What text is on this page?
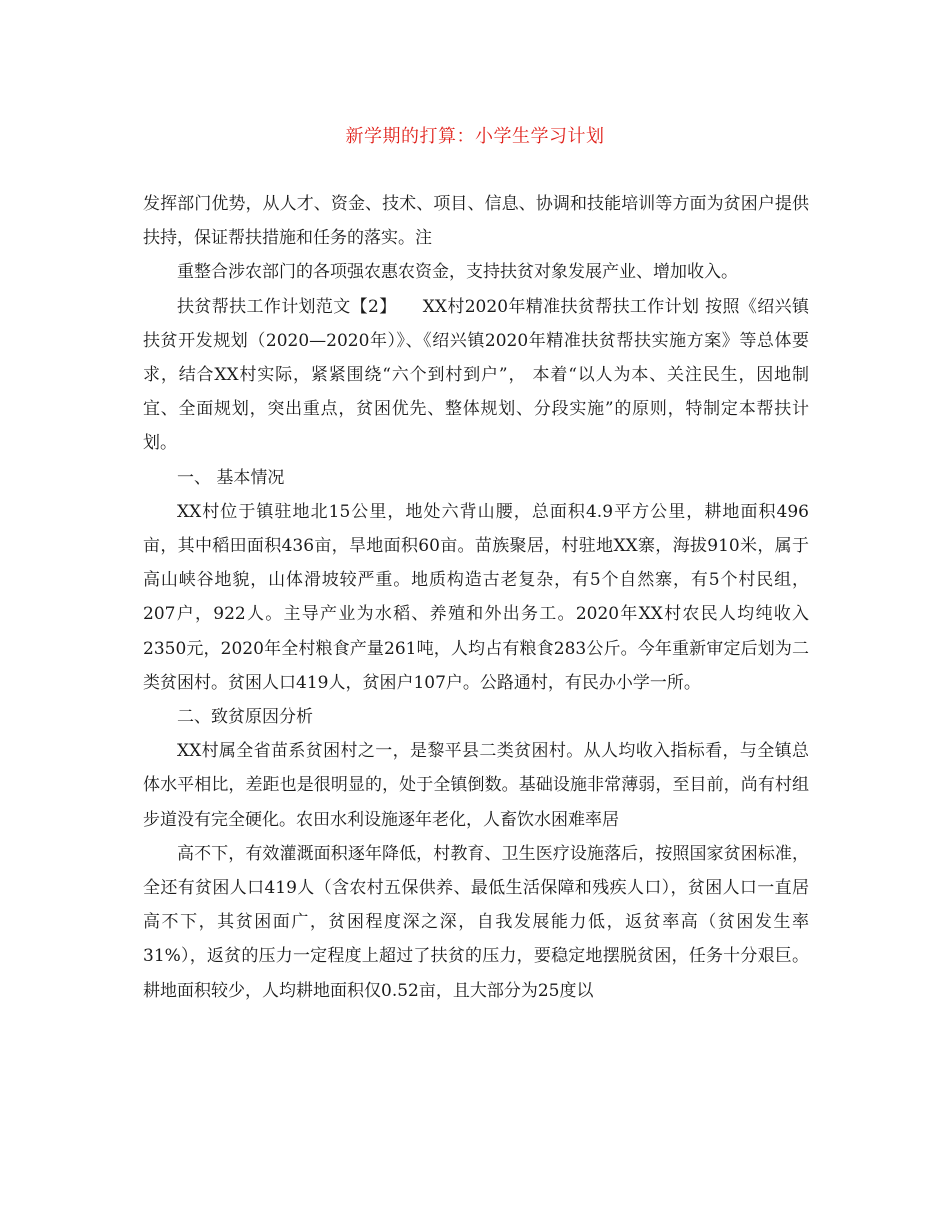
新学期的打算：小学生学习计划

发挥部门优势，从人才、资金、技术、项目、信息、协调和技能培训等方面为贫困户提供扶持，保证帮扶措施和任务的落实。注

重整合涉农部门的各项强农惠农资金，支持扶贫对象发展产业、增加收入。

扶贫帮扶工作计划范文【2】　　XX村2020年精准扶贫帮扶工作计划 按照《绍兴镇扶贫开发规划（2020—2020年）》、《绍兴镇2020年精准扶贫帮扶实施方案》等总体要求，结合XX村实际，紧紧围绕“六个到村到户”， 本着“以人为本、关注民生，因地制宜、全面规划，突出重点，贫困优先、整体规划、分段实施”的原则，特制定本帮扶计划。

一、 基本情况

XX村位于镇驻地北15公里，地处六背山腰，总面积4.9平方公里，耕地面积496亩，其中稻田面积436亩，旱地面积60亩。苗族聚居，村驻地XX寨，海拔910米，属于高山峡谷地貌，山体滑坡较严重。地质构造古老复杂，有5个自然寨，有5个村民组，207户，922人。主导产业为水稻、养殖和外出务工。2020年XX村农民人均纯收入2350元，2020年全村粮食产量261吨，人均占有粮食283公斤。今年重新审定后划为二类贫困村。贫困人口419人，贫困户107户。公路通村，有民办小学一所。

二、致贫原因分析

XX村属全省苗系贫困村之一，是黎平县二类贫困村。从人均收入指标看，与全镇总体水平相比，差距也是很明显的，处于全镇倒数。基础设施非常薄弱，至目前，尚有村组步道没有完全硬化。农田水利设施逐年老化，人畜饮水困难率居

高不下，有效灌溉面积逐年降低，村教育、卫生医疗设施落后，按照国家贫困标准，全还有贫困人口419人（含农村五保供养、最低生活保障和残疾人口），贫困人口一直居高不下，其贫困面广，贫困程度深之深，自我发展能力低，返贫率高（贫困发生率31%），返贫的压力一定程度上超过了扶贫的压力，要稳定地摆脱贫困，任务十分艰巨。耕地面积较少，人均耕地面积仅0.52亩，且大部分为25度以
